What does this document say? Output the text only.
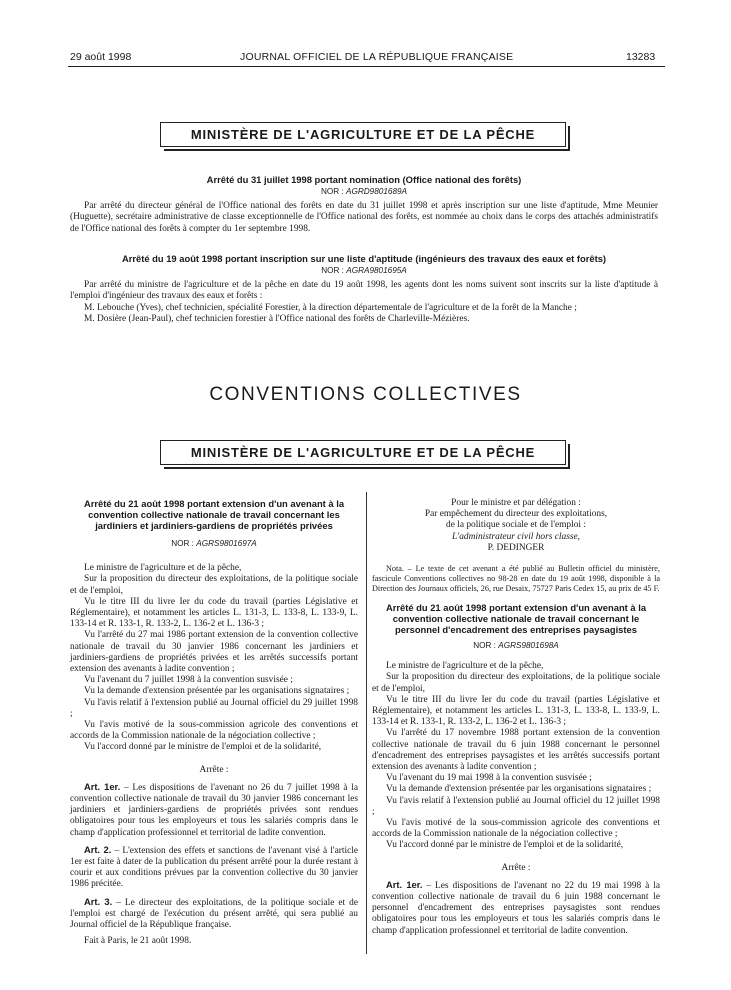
29 août 1998	JOURNAL OFFICIEL DE LA RÉPUBLIQUE FRANÇAISE	13283
MINISTÈRE DE L'AGRICULTURE ET DE LA PÊCHE
Arrêté du 31 juillet 1998 portant nomination (Office national des forêts)
NOR : AGRD9801689A

Par arrêté du directeur général de l'Office national des forêts en date du 31 juillet 1998 et après inscription sur une liste d'aptitude, Mme Meunier (Huguette), secrétaire administrative de classe exceptionnelle de l'Office national des forêts, est nommée au choix dans le corps des attachés administratifs de l'Office national des forêts à compter du 1er septembre 1998.

Arrêté du 19 août 1998 portant inscription sur une liste d'aptitude (ingénieurs des travaux des eaux et forêts)
NOR : AGRA9801695A

Par arrêté du ministre de l'agriculture et de la pêche en date du 19 août 1998, les agents dont les noms suivent sont inscrits sur la liste d'aptitude à l'emploi d'ingénieur des travaux des eaux et forêts :

M. Lebouche (Yves), chef technicien, spécialité Forestier, à la direction départementale de l'agriculture et de la forêt de la Manche ;

M. Dosière (Jean-Paul), chef technicien forestier à l'Office national des forêts de Charleville-Mézières.

CONVENTIONS COLLECTIVES
MINISTÈRE DE L'AGRICULTURE ET DE LA PÊCHE
Arrêté du 21 août 1998 portant extension d'un avenant à la convention collective nationale de travail concernant les jardiniers et jardiniers-gardiens de propriétés privées
NOR : AGRS9801697A

Le ministre de l'agriculture et de la pêche,

Sur la proposition du directeur des exploitations, de la politique sociale et de l'emploi,

Vu le titre III du livre Ier du code du travail (parties Législative et Réglementaire), et notamment les articles L. 131-3, L. 133-8, L. 133-9, L. 133-14 et R. 133-1, R. 133-2, L. 136-2 et L. 136-3 ;

Vu l'arrêté du 27 mai 1986 portant extension de la convention collective nationale de travail du 30 janvier 1986 concernant les jardiniers et jardiniers-gardiens de propriétés privées et les arrêtés successifs portant extension des avenants à ladite convention ;

Vu l'avenant du 7 juillet 1998 à la convention susvisée ;

Vu la demande d'extension présentée par les organisations signataires ;

Vu l'avis relatif à l'extension publié au Journal officiel du 29 juillet 1998 ;

Vu l'avis motivé de la sous-commission agricole des conventions et accords de la Commission nationale de la négociation collective ;

Vu l'accord donné par le ministre de l'emploi et de la solidarité,

Arrête :

Art. 1er. – Les dispositions de l'avenant no 26 du 7 juillet 1998 à la convention collective nationale de travail du 30 janvier 1986 concernant les jardiniers et jardiniers-gardiens de propriétés privées sont rendues obligatoires pour tous les employeurs et tous les salariés compris dans le champ d'application professionnel et territorial de ladite convention.

Art. 2. – L'extension des effets et sanctions de l'avenant visé à l'article 1er est faite à dater de la publication du présent arrêté pour la durée restant à courir et aux conditions prévues par la convention collective du 30 janvier 1986 précitée.

Art. 3. – Le directeur des exploitations, de la politique sociale et de l'emploi est chargé de l'exécution du présent arrêté, qui sera publié au Journal officiel de la République française.

Fait à Paris, le 21 août 1998.

Pour le ministre et par délégation :

Par empêchement du directeur des exploitations,

de la politique sociale et de l'emploi :

L'administrateur civil hors classe,

P. DEDINGER

Nota. – Le texte de cet avenant a été publié au Bulletin officiel du ministère, fascicule Conventions collectives no 98-28 en date du 19 août 1998, disponible à la Direction des Journaux officiels, 26, rue Desaix, 75727 Paris Cedex 15, au prix de 45 F.

Arrêté du 21 août 1998 portant extension d'un avenant à la convention collective nationale de travail concernant le personnel d'encadrement des entreprises paysagistes
NOR : AGRS9801698A

Le ministre de l'agriculture et de la pêche,

Sur la proposition du directeur des exploitations, de la politique sociale et de l'emploi,

Vu le titre III du livre Ier du code du travail (parties Législative et Réglementaire), et notamment les articles L. 131-3, L. 133-8, L. 133-9, L. 133-14 et R. 133-1, R. 133-2, L. 136-2 et L. 136-3 ;

Vu l'arrêté du 17 novembre 1988 portant extension de la convention collective nationale de travail du 6 juin 1988 concernant le personnel d'encadrement des entreprises paysagistes et les arrêtés successifs portant extension des avenants à ladite convention ;

Vu l'avenant du 19 mai 1998 à la convention susvisée ;

Vu la demande d'extension présentée par les organisations signataires ;

Vu l'avis relatif à l'extension publié au Journal officiel du 12 juillet 1998 ;

Vu l'avis motivé de la sous-commission agricole des conventions et accords de la Commission nationale de la négociation collective ;

Vu l'accord donné par le ministre de l'emploi et de la solidarité,

Arrête :

Art. 1er. – Les dispositions de l'avenant no 22 du 19 mai 1998 à la convention collective nationale de travail du 6 juin 1988 concernant le personnel d'encadrement des entreprises paysagistes sont rendues obligatoires pour tous les employeurs et tous les salariés compris dans le champ d'application professionnel et territorial de ladite convention.
